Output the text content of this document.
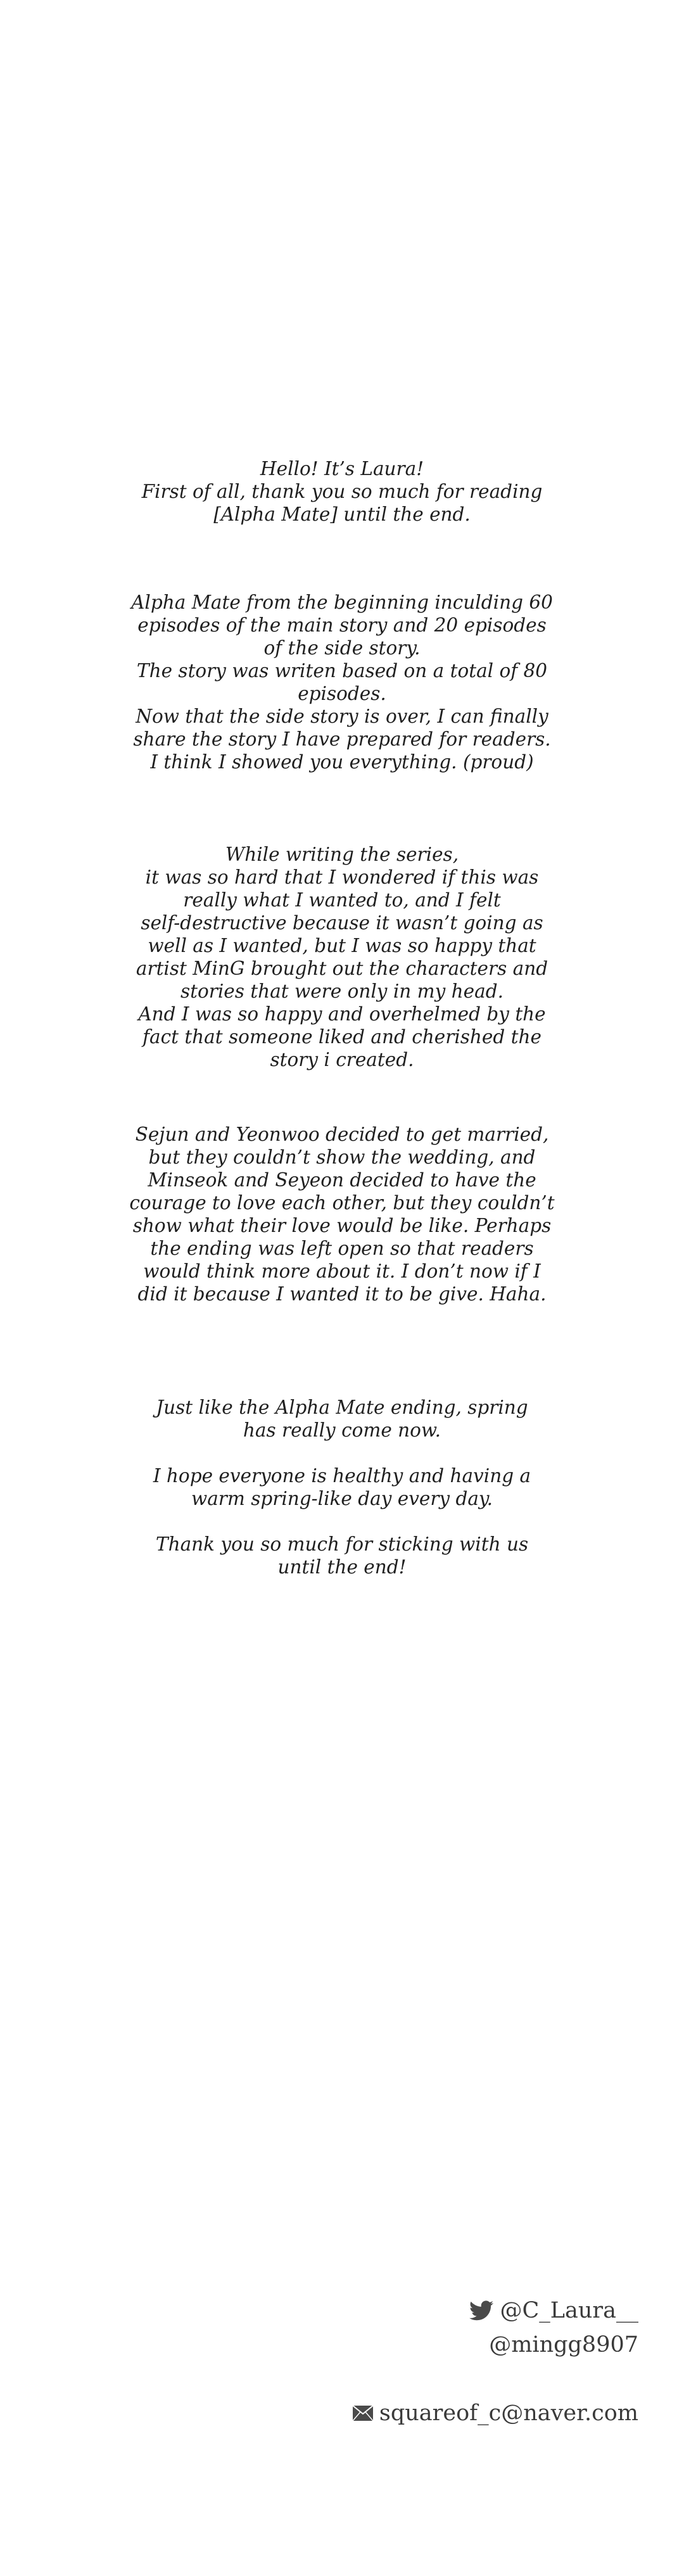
Hello! It’s Laura!
First of all, thank you so much for reading
[Alpha Mate] until the end.

Alpha Mate from the beginning inculding 60
episodes of the main story and 20 episodes
of the side story.
The story was writen based on a total of 80
episodes.
Now that the side story is over, I can finally
share the story I have prepared for readers.
I think I showed you everything. (proud)

While writing the series,
it was so hard that I wondered if this was
really what I wanted to, and I felt
self-destructive because it wasn’t going as
well as I wanted, but I was so happy that
artist MinG brought out the characters and
stories that were only in my head.
And I was so happy and overhelmed by the
fact that someone liked and cherished the
story i created.

Sejun and Yeonwoo decided to get married,
but they couldn’t show the wedding, and
Minseok and Seyeon decided to have the
courage to love each other, but they couldn’t
show what their love would be like. Perhaps
the ending was left open so that readers
would think more about it. I don’t now if I
did it because I wanted it to be give. Haha.

Just like the Alpha Mate ending, spring
has really come now.

I hope everyone is healthy and having a
warm spring-like day every day.

Thank you so much for sticking with us
until the end!

@C_Laura__
@mingg8907
squareof_c@naver.com
